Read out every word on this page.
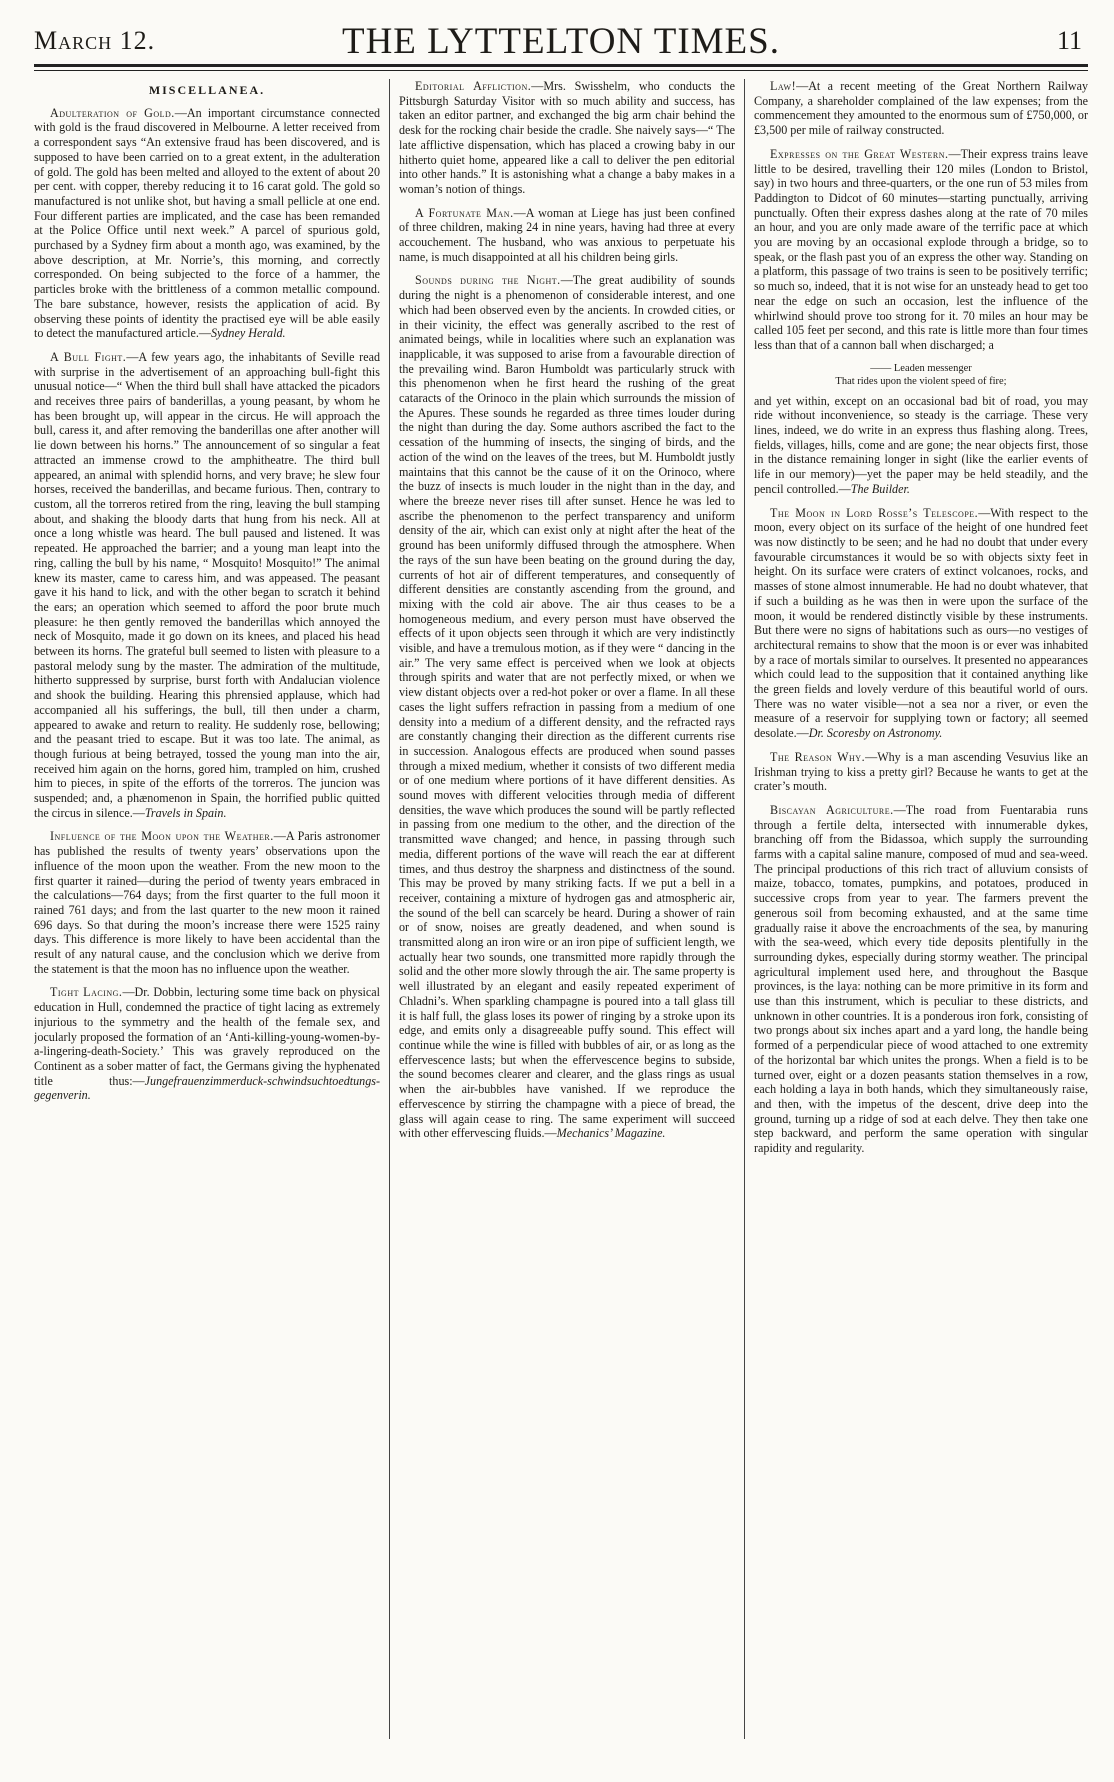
March 12.	THE LYTTELTON TIMES.	11
MISCELLANEA.

Adulteration of Gold.—An important circumstance connected with gold is the fraud discovered in Melbourne. A letter received from a correspondent says “An extensive fraud has been discovered, and is supposed to have been carried on to a great extent, in the adulteration of gold. The gold has been melted and alloyed to the extent of about 20 per cent. with copper, thereby reducing it to 16 carat gold. The gold so manufactured is not unlike shot, but having a small pellicle at one end. Four different parties are implicated, and the case has been remanded at the Police Office until next week.” A parcel of spurious gold, purchased by a Sydney firm about a month ago, was examined, by the above description, at Mr. Norrie’s, this morning, and correctly corresponded. On being subjected to the force of a hammer, the particles broke with the brittleness of a common metallic compound. The bare substance, however, resists the application of acid. By observing these points of identity the practised eye will be able easily to detect the manufactured article.—Sydney Herald.

A Bull Fight.—A few years ago, the inhabitants of Seville read with surprise in the advertisement of an approaching bull-fight this unusual notice—“ When the third bull shall have attacked the picadors and receives three pairs of banderillas, a young peasant, by whom he has been brought up, will appear in the circus. He will approach the bull, caress it, and after removing the banderillas one after another will lie down between his horns.” The announcement of so singular a feat attracted an immense crowd to the amphitheatre. The third bull appeared, an animal with splendid horns, and very brave; he slew four horses, received the banderillas, and became furious. Then, contrary to custom, all the torreros retired from the ring, leaving the bull stamping about, and shaking the bloody darts that hung from his neck. All at once a long whistle was heard. The bull paused and listened. It was repeated. He approached the barrier; and a young man leapt into the ring, calling the bull by his name, “ Mosquito! Mosquito!” The animal knew its master, came to caress him, and was appeased. The peasant gave it his hand to lick, and with the other began to scratch it behind the ears; an operation which seemed to afford the poor brute much pleasure: he then gently removed the banderillas which annoyed the neck of Mosquito, made it go down on its knees, and placed his head between its horns. The grateful bull seemed to listen with pleasure to a pastoral melody sung by the master. The admiration of the multitude, hitherto suppressed by surprise, burst forth with Andalucian violence and shook the building. Hearing this phrensied applause, which had accompanied all his sufferings, the bull, till then under a charm, appeared to awake and return to reality. He suddenly rose, bellowing; and the peasant tried to escape. But it was too late. The animal, as though furious at being betrayed, tossed the young man into the air, received him again on the horns, gored him, trampled on him, crushed him to pieces, in spite of the efforts of the torreros. The juncion was suspended; and, a phænomenon in Spain, the horrified public quitted the circus in silence.—Travels in Spain.

Influence of the Moon upon the Weather.—A Paris astronomer has published the results of twenty years’ observations upon the influence of the moon upon the weather. From the new moon to the first quarter it rained—during the period of twenty years embraced in the calculations—764 days; from the first quarter to the full moon it rained 761 days; and from the last quarter to the new moon it rained 696 days. So that during the moon’s increase there were 1525 rainy days. This difference is more likely to have been accidental than the result of any natural cause, and the conclusion which we derive from the statement is that the moon has no influence upon the weather.

Tight Lacing.—Dr. Dobbin, lecturing some time back on physical education in Hull, condemned the practice of tight lacing as extremely injurious to the symmetry and the health of the female sex, and jocularly proposed the formation of an ‘Anti-killing-young-women-by-a-lingering-death-Society.’ This was gravely reproduced on the Continent as a sober matter of fact, the Germans giving the hyphenated title thus:—Jungefrauenzimmerduck-schwindsuchtoedtungs-gegenverin.

Editorial Affliction.—Mrs. Swisshelm, who conducts the Pittsburgh Saturday Visitor with so much ability and success, has taken an editor partner, and exchanged the big arm chair behind the desk for the rocking chair beside the cradle. She naively says—“ The late afflictive dispensation, which has placed a crowing baby in our hitherto quiet home, appeared like a call to deliver the pen editorial into other hands.” It is astonishing what a change a baby makes in a woman’s notion of things.

A Fortunate Man.—A woman at Liege has just been confined of three children, making 24 in nine years, having had three at every accouchement. The husband, who was anxious to perpetuate his name, is much disappointed at all his children being girls.

Sounds during the Night.—The great audibility of sounds during the night is a phenomenon of considerable interest, and one which had been observed even by the ancients. In crowded cities, or in their vicinity, the effect was generally ascribed to the rest of animated beings, while in localities where such an explanation was inapplicable, it was supposed to arise from a favourable direction of the prevailing wind. Baron Humboldt was particularly struck with this phenomenon when he first heard the rushing of the great cataracts of the Orinoco in the plain which surrounds the mission of the Apures. These sounds he regarded as three times louder during the night than during the day. Some authors ascribed the fact to the cessation of the humming of insects, the singing of birds, and the action of the wind on the leaves of the trees, but M. Humboldt justly maintains that this cannot be the cause of it on the Orinoco, where the buzz of insects is much louder in the night than in the day, and where the breeze never rises till after sunset. Hence he was led to ascribe the phenomenon to the perfect transparency and uniform density of the air, which can exist only at night after the heat of the ground has been uniformly diffused through the atmosphere. When the rays of the sun have been beating on the ground during the day, currents of hot air of different temperatures, and consequently of different densities are constantly ascending from the ground, and mixing with the cold air above. The air thus ceases to be a homogeneous medium, and every person must have observed the effects of it upon objects seen through it which are very indistinctly visible, and have a tremulous motion, as if they were “ dancing in the air.” The very same effect is perceived when we look at objects through spirits and water that are not perfectly mixed, or when we view distant objects over a red-hot poker or over a flame. In all these cases the light suffers refraction in passing from a medium of one density into a medium of a different density, and the refracted rays are constantly changing their direction as the different currents rise in succession. Analogous effects are produced when sound passes through a mixed medium, whether it consists of two different media or of one medium where portions of it have different densities. As sound moves with different velocities through media of different densities, the wave which produces the sound will be partly reflected in passing from one medium to the other, and the direction of the transmitted wave changed; and hence, in passing through such media, different portions of the wave will reach the ear at different times, and thus destroy the sharpness and distinctness of the sound. This may be proved by many striking facts. If we put a bell in a receiver, containing a mixture of hydrogen gas and atmospheric air, the sound of the bell can scarcely be heard. During a shower of rain or of snow, noises are greatly deadened, and when sound is transmitted along an iron wire or an iron pipe of sufficient length, we actually hear two sounds, one transmitted more rapidly through the solid and the other more slowly through the air. The same property is well illustrated by an elegant and easily repeated experiment of Chladni’s. When sparkling champagne is poured into a tall glass till it is half full, the glass loses its power of ringing by a stroke upon its edge, and emits only a disagreeable puffy sound. This effect will continue while the wine is filled with bubbles of air, or as long as the effervescence lasts; but when the effervescence begins to subside, the sound becomes clearer and clearer, and the glass rings as usual when the air-bubbles have vanished. If we reproduce the effervescence by stirring the champagne with a piece of bread, the glass will again cease to ring. The same experiment will succeed with other effervescing fluids.—Mechanics’ Magazine.

Law!—At a recent meeting of the Great Northern Railway Company, a shareholder complained of the law expenses; from the commencement they amounted to the enormous sum of £750,000, or £3,500 per mile of railway constructed.

Expresses on the Great Western.—Their express trains leave little to be desired, travelling their 120 miles (London to Bristol, say) in two hours and three-quarters, or the one run of 53 miles from Paddington to Didcot of 60 minutes—starting punctually, arriving punctually. Often their express dashes along at the rate of 70 miles an hour, and you are only made aware of the terrific pace at which you are moving by an occasional explode through a bridge, so to speak, or the flash past you of an express the other way. Standing on a platform, this passage of two trains is seen to be positively terrific; so much so, indeed, that it is not wise for an unsteady head to get too near the edge on such an occasion, lest the influence of the whirlwind should prove too strong for it. 70 miles an hour may be called 105 feet per second, and this rate is little more than four times less than that of a cannon ball when discharged; a

—— Leaden messenger
That rides upon the violent speed of fire;

and yet within, except on an occasional bad bit of road, you may ride without inconvenience, so steady is the carriage. These very lines, indeed, we do write in an express thus flashing along. Trees, fields, villages, hills, come and are gone; the near objects first, those in the distance remaining longer in sight (like the earlier events of life in our memory)—yet the paper may be held steadily, and the pencil controlled.—The Builder.

The Moon in Lord Rosse’s Telescope.—With respect to the moon, every object on its surface of the height of one hundred feet was now distinctly to be seen; and he had no doubt that under every favourable circumstances it would be so with objects sixty feet in height. On its surface were craters of extinct volcanoes, rocks, and masses of stone almost innumerable. He had no doubt whatever, that if such a building as he was then in were upon the surface of the moon, it would be rendered distinctly visible by these instruments. But there were no signs of habitations such as ours—no vestiges of architectural remains to show that the moon is or ever was inhabited by a race of mortals similar to ourselves. It presented no appearances which could lead to the supposition that it contained anything like the green fields and lovely verdure of this beautiful world of ours. There was no water visible—not a sea nor a river, or even the measure of a reservoir for supplying town or factory; all seemed desolate.—Dr. Scoresby on Astronomy.

The Reason Why.—Why is a man ascending Vesuvius like an Irishman trying to kiss a pretty girl? Because he wants to get at the crater’s mouth.

Biscayan Agriculture.—The road from Fuentarabia runs through a fertile delta, intersected with innumerable dykes, branching off from the Bidassoa, which supply the surrounding farms with a capital saline manure, composed of mud and sea-weed. The principal productions of this rich tract of alluvium consists of maize, tobacco, tomates, pumpkins, and potatoes, produced in successive crops from year to year. The farmers prevent the generous soil from becoming exhausted, and at the same time gradually raise it above the encroachments of the sea, by manuring with the sea-weed, which every tide deposits plentifully in the surrounding dykes, especially during stormy weather. The principal agricultural implement used here, and throughout the Basque provinces, is the laya: nothing can be more primitive in its form and use than this instrument, which is peculiar to these districts, and unknown in other countries. It is a ponderous iron fork, consisting of two prongs about six inches apart and a yard long, the handle being formed of a perpendicular piece of wood attached to one extremity of the horizontal bar which unites the prongs. When a field is to be turned over, eight or a dozen peasants station themselves in a row, each holding a laya in both hands, which they simultaneously raise, and then, with the impetus of the descent, drive deep into the ground, turning up a ridge of sod at each delve. They then take one step backward, and perform the same operation with singular rapidity and regularity.
